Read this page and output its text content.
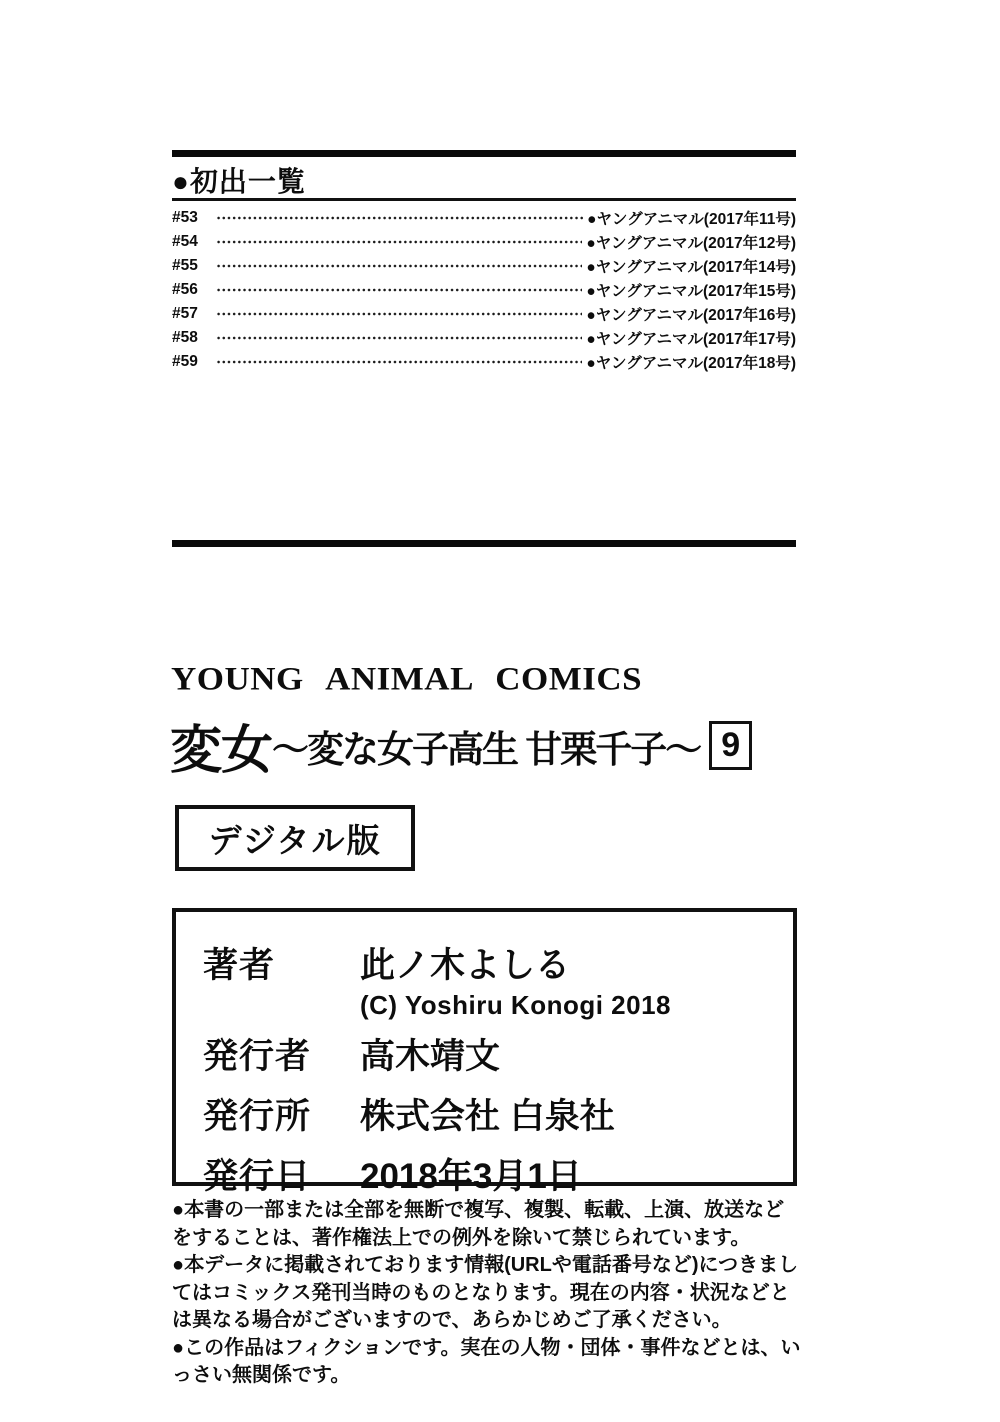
●初出一覧
#53	●ヤングアニマル(2017年11号)
#54	●ヤングアニマル(2017年12号)
#55	●ヤングアニマル(2017年14号)
#56	●ヤングアニマル(2017年15号)
#57	●ヤングアニマル(2017年16号)
#58	●ヤングアニマル(2017年17号)
#59	●ヤングアニマル(2017年18号)
YOUNG ANIMAL COMICS
変女 ～変な女子高生 甘栗千子～ 9
デジタル版
著者	此ノ木よしる
(C) Yoshiru Konogi 2018
発行者	高木靖文
発行所	株式会社 白泉社
発行日	2018年3月1日

●本書の一部または全部を無断で複写、複製、転載、上演、放送などをすることは、著作権法上での例外を除いて禁じられています。

●本データに掲載されております情報(URLや電話番号など)につきましてはコミックス発刊当時のものとなります。現在の内容・状況などとは異なる場合がございますので、あらかじめご了承ください。

●この作品はフィクションです。実在の人物・団体・事件などとは、いっさい無関係です。
